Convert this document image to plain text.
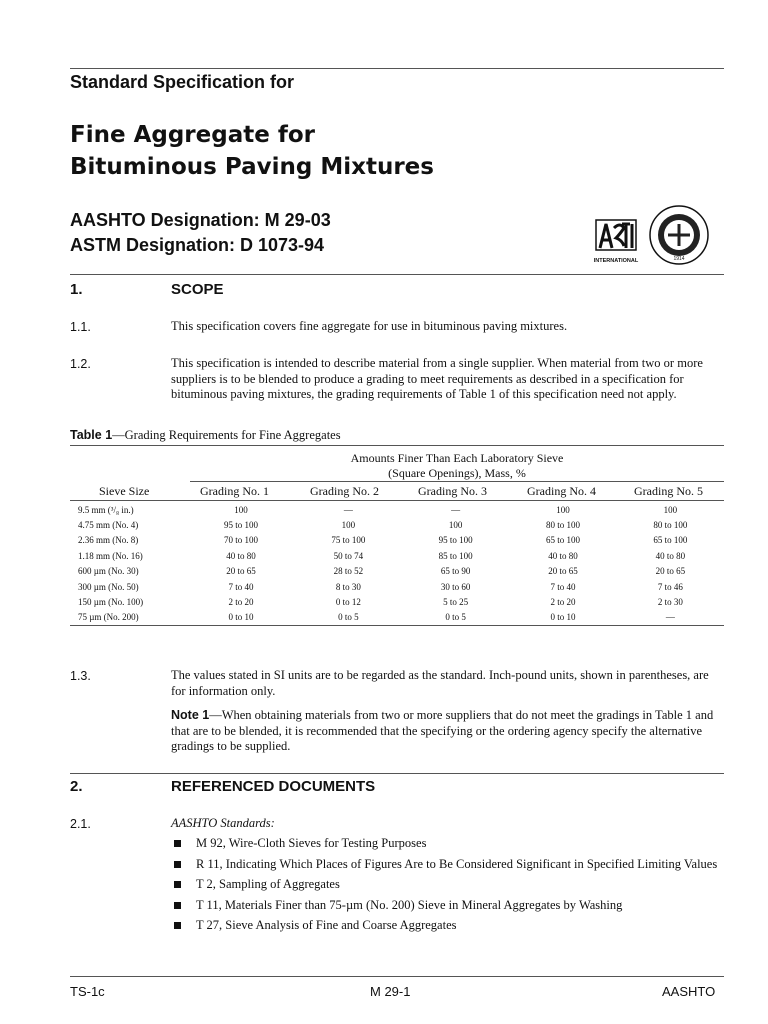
Standard Specification for
Fine Aggregate for
Bituminous Paving Mixtures
AASHTO Designation: M 29-03
ASTM Designation: D 1073-94
INTERNATIONAL	1914
1.	SCOPE
1.1.	This specification covers fine aggregate for use in bituminous paving mixtures.
1.2.	This specification is intended to describe material from a single supplier. When material from two or more suppliers is to be blended to produce a grading to meet requirements as described in a specification for bituminous paving mixtures, the grading requirements of Table 1 of this specification need not apply.
Table 1—Grading Requirements for Fine Aggregates
Amounts Finer Than Each Laboratory Sieve
(Square Openings), Mass, %
Sieve Size	Grading No. 1	Grading No. 2	Grading No. 3	Grading No. 4	Grading No. 5
9.5 mm (³/₈ in.)	100	—	—	100	100
4.75 mm (No. 4)	95 to 100	100	100	80 to 100	80 to 100
2.36 mm (No. 8)	70 to 100	75 to 100	95 to 100	65 to 100	65 to 100
1.18 mm (No. 16)	40 to 80	50 to 74	85 to 100	40 to 80	40 to 80
600 µm (No. 30)	20 to 65	28 to 52	65 to 90	20 to 65	20 to 65
300 µm (No. 50)	7 to 40	8 to 30	30 to 60	7 to 40	7 to 46
150 µm (No. 100)	2 to 20	0 to 12	5 to 25	2 to 20	2 to 30
75 µm (No. 200)	0 to 10	0 to 5	0 to 5	0 to 10	—
1.3.	The values stated in SI units are to be regarded as the standard. Inch-pound units, shown in parentheses, are for information only.
Note 1—When obtaining materials from two or more suppliers that do not meet the gradings in Table 1 and that are to be blended, it is recommended that the specifying or the ordering agency specify the alternative gradings to be supplied.
2.	REFERENCED DOCUMENTS
2.1.	AASHTO Standards:
M 92, Wire-Cloth Sieves for Testing Purposes
R 11, Indicating Which Places of Figures Are to Be Considered Significant in Specified Limiting Values
T 2, Sampling of Aggregates
T 11, Materials Finer than 75-µm (No. 200) Sieve in Mineral Aggregates by Washing
T 27, Sieve Analysis of Fine and Coarse Aggregates
TS-1c	M 29-1	AASHTO
